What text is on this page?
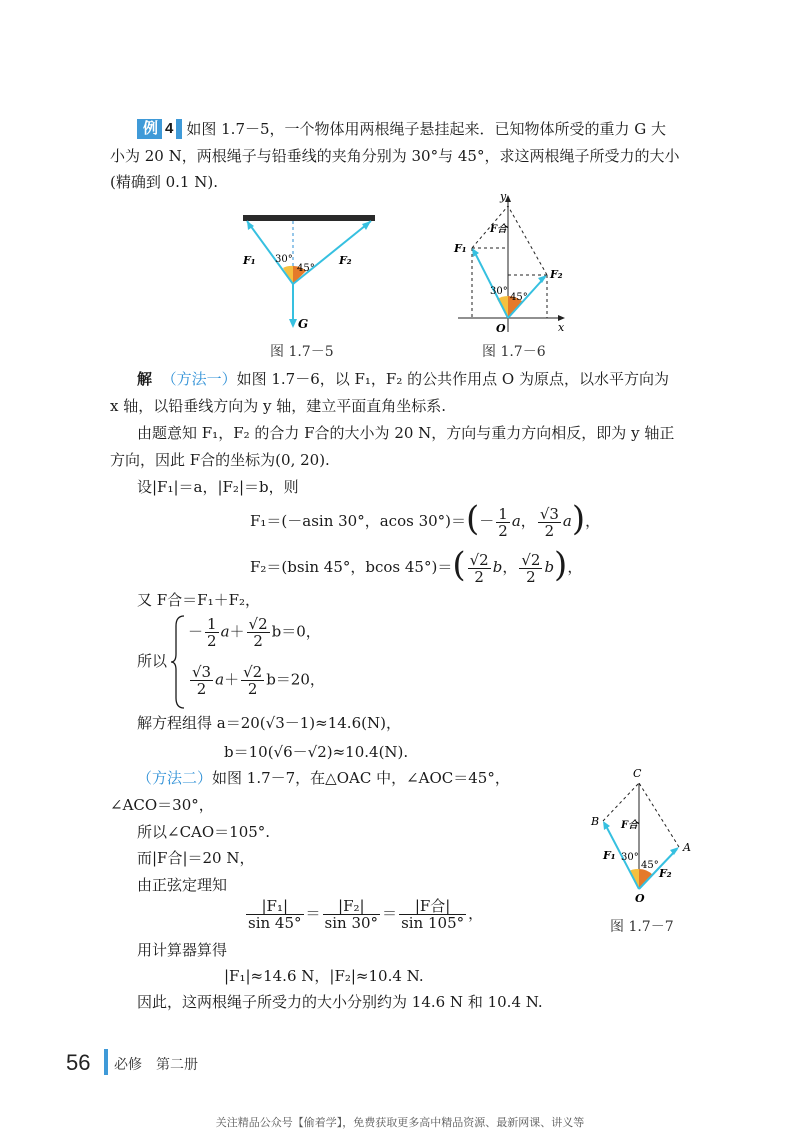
例 4 如图 1.7－5，一个物体用两根绳子悬挂起来．已知物体所受的重力 G 大
小为 20 N，两根绳子与铅垂线的夹角分别为 30°与 45°，求这两根绳子所受力的大小
(精确到 0.1 N).
F₁	F₂
30°
45°
G
图 1.7－5
y
x
O
F₁
F₂
F合
30°
45°
图 1.7－6
解 （方法一）如图 1.7－6，以 F₁，F₂ 的公共作用点 O 为原点，以水平方向为
x 轴，以铅垂线方向为 y 轴，建立平面直角坐标系.
由题意知 F₁，F₂ 的合力 F合的大小为 20 N，方向与重力方向相反，即为 y 轴正
方向，因此 F合的坐标为(0, 20).
设|F₁|＝a，|F₂|＝b，则
F₁＝(－asin 30°，acos $30^\circ)=(- \frac{1}{2}$ a， $\frac{√3}{2} a$)，
F₂＝(bsin 45°，bcos $45^\circ)=( \frac{√2}{2}$ b， $\frac{√2}{2} b$)，
又 F合＝F₁＋F₂，
所以
－ $\frac{1}{2} a+ \frac{√2}{2} b=0$，
$\frac{√3}{2} a+ \frac{√2}{2} b=20$，
解方程组得 a＝20(√3－1)≈14.6(N)，
b＝10(√6－√2)≈10.4(N).
（方法二）如图 1.7－7，在△OAC 中，∠AOC＝45°，
∠ACO＝30°，
所以∠CAO＝105°.
而|F合|＝20 N，
由正弦定理知
$\frac{\text{|F₁|}}{\sin 45^\circ} = \frac{\text{|F₂|}}{\sin 30^\circ} = \frac{\text{|F合|}}{\sin 105^\circ}$ ，
用计算器算得
|F₁|≈14.6 N，|F₂|≈10.4 N.
因此，这两根绳子所受力的大小分别约为 14.6 N 和 10.4 N.
C
B
A
O
F₁
F₂
F合
30°
45°
图 1.7－7
56 必修　第二册
关注精品公众号【偷着学】，免费获取更多高中精品资源、最新网课、讲义等
